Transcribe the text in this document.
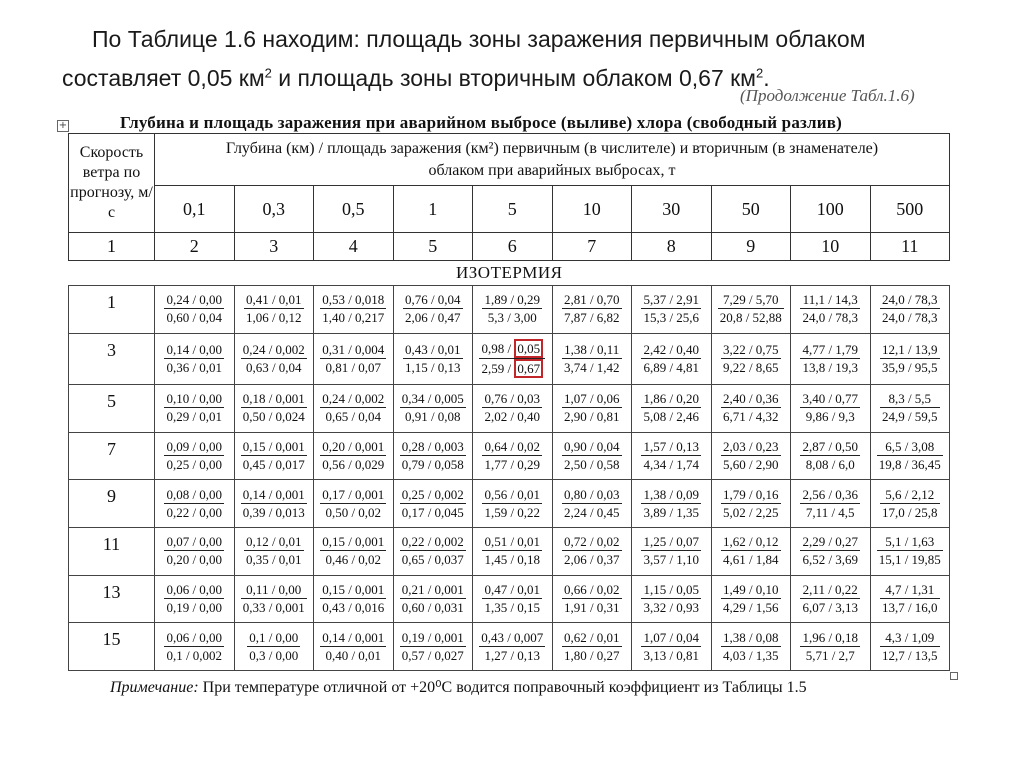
По Таблице 1.6 находим: площадь зоны заражения первичным облаком
составляет 0,05 $км^2$ и площадь зоны вторичным облаком 0,67 $км^2$.
(Продолжение Табл.1.6)
+	Глубина и площадь заражения при аварийном выбросе (выливе) хлора (свободный разлив)
Скорость ветра по прогнозу, м/с	Глубина (км) / площадь заражения (км²) первичным (в числителе) и вторичным (в знаменателе) облаком при аварийных выбросах, т									
	0,1	0,3	0,5	1	5	10	30	50	100	500
1	2	3	4	5	6	7	8	9	10	11
ИЗОТЕРМИЯ
1	$\frac{0,24 / 0,00}{0,60 / 0,04}$	$\frac{0,41 / 0,01}{1,06 / 0,12}$	$\frac{0,53 / 0,018}{1,40 / 0,217}$	$\frac{0,76 / 0,04}{2,06 / 0,47}$	$\frac{1,89 / 0,29}{5,3 / 3,00}$	$\frac{2,81 / 0,70}{7,87 / 6,82}$	$\frac{5,37 / 2,91}{15,3 / 25,6}$	$\frac{7,29 / 5,70}{20,8 / 52,88}$	$\frac{11,1 / 14,3}{24,0 / 78,3}$	$\frac{24,0 / 78,3}{24,0 / 78,3}$

3	$\frac{0,14 / 0,00}{0,36 / 0,01}$	$\frac{0,24 / 0,002}{0,63 / 0,04}$	$\frac{0,31 / 0,004}{0,81 / 0,07}$	$\frac{0,43 / 0,01}{1,15 / 0,13}$	$\frac{0,98 / 0,05}{2,59 / 0,67}$	$\frac{1,38 / 0,11}{3,74 / 1,42}$	$\frac{2,42 / 0,40}{6,89 / 4,81}$	$\frac{3,22 / 0,75}{9,22 / 8,65}$	$\frac{4,77 / 1,79}{13,8 / 19,3}$	$\frac{12,1 / 13,9}{35,9 / 95,5}$

5	$\frac{0,10 / 0,00}{0,29 / 0,01}$	$\frac{0,18 / 0,001}{0,50 / 0,024}$	$\frac{0,24 / 0,002}{0,65 / 0,04}$	$\frac{0,34 / 0,005}{0,91 / 0,08}$	$\frac{0,76 / 0,03}{2,02 / 0,40}$	$\frac{1,07 / 0,06}{2,90 / 0,81}$	$\frac{1,86 / 0,20}{5,08 / 2,46}$	$\frac{2,40 / 0,36}{6,71 / 4,32}$	$\frac{3,40 / 0,77}{9,86 / 9,3}$	$\frac{8,3 / 5,5}{24,9 / 59,5}$

7	$\frac{0,09 / 0,00}{0,25 / 0,00}$	$\frac{0,15 / 0,001}{0,45 / 0,017}$	$\frac{0,20 / 0,001}{0,56 / 0,029}$	$\frac{0,28 / 0,003}{0,79 / 0,058}$	$\frac{0,64 / 0,02}{1,77 / 0,29}$	$\frac{0,90 / 0,04}{2,50 / 0,58}$	$\frac{1,57 / 0,13}{4,34 / 1,74}$	$\frac{2,03 / 0,23}{5,60 / 2,90}$	$\frac{2,87 / 0,50}{8,08 / 6,0}$	$\frac{6,5 / 3,08}{19,8 / 36,45}$

9	$\frac{0,08 / 0,00}{0,22 / 0,00}$	$\frac{0,14 / 0,001}{0,39 / 0,013}$	$\frac{0,17 / 0,001}{0,50 / 0,02}$	$\frac{0,25 / 0,002}{0,17 / 0,045}$	$\frac{0,56 / 0,01}{1,59 / 0,22}$	$\frac{0,80 / 0,03}{2,24 / 0,45}$	$\frac{1,38 / 0,09}{3,89 / 1,35}$	$\frac{1,79 / 0,16}{5,02 / 2,25}$	$\frac{2,56 / 0,36}{7,11 / 4,5}$	$\frac{5,6 / 2,12}{17,0 / 25,8}$

11	$\frac{0,07 / 0,00}{0,20 / 0,00}$	$\frac{0,12 / 0,01}{0,35 / 0,01}$	$\frac{0,15 / 0,001}{0,46 / 0,02}$	$\frac{0,22 / 0,002}{0,65 / 0,037}$	$\frac{0,51 / 0,01}{1,45 / 0,18}$	$\frac{0,72 / 0,02}{2,06 / 0,37}$	$\frac{1,25 / 0,07}{3,57 / 1,10}$	$\frac{1,62 / 0,12}{4,61 / 1,84}$	$\frac{2,29 / 0,27}{6,52 / 3,69}$	$\frac{5,1 / 1,63}{15,1 / 19,85}$

13	$\frac{0,06 / 0,00}{0,19 / 0,00}$	$\frac{0,11 / 0,00}{0,33 / 0,001}$	$\frac{0,15 / 0,001}{0,43 / 0,016}$	$\frac{0,21 / 0,001}{0,60 / 0,031}$	$\frac{0,47 / 0,01}{1,35 / 0,15}$	$\frac{0,66 / 0,02}{1,91 / 0,31}$	$\frac{1,15 / 0,05}{3,32 / 0,93}$	$\frac{1,49 / 0,10}{4,29 / 1,56}$	$\frac{2,11 / 0,22}{6,07 / 3,13}$	$\frac{4,7 / 1,31}{13,7 / 16,0}$

15	$\frac{0,06 / 0,00}{0,1 / 0,002}$	$\frac{0,1 / 0,00}{0,3 / 0,00}$	$\frac{0,14 / 0,001}{0,40 / 0,01}$	$\frac{0,19 / 0,001}{0,57 / 0,027}$	$\frac{0,43 / 0,007}{1,27 / 0,13}$	$\frac{0,62 / 0,01}{1,80 / 0,27}$	$\frac{1,07 / 0,04}{3,13 / 0,81}$	$\frac{1,38 / 0,08}{4,03 / 1,35}$	$\frac{1,96 / 0,18}{5,71 / 2,7}$	$\frac{4,3 / 1,09}{12,7 / 13,5}$
Примечание: При температуре отличной от +20⁰С водится поправочный коэффициент из Таблицы 1.5
